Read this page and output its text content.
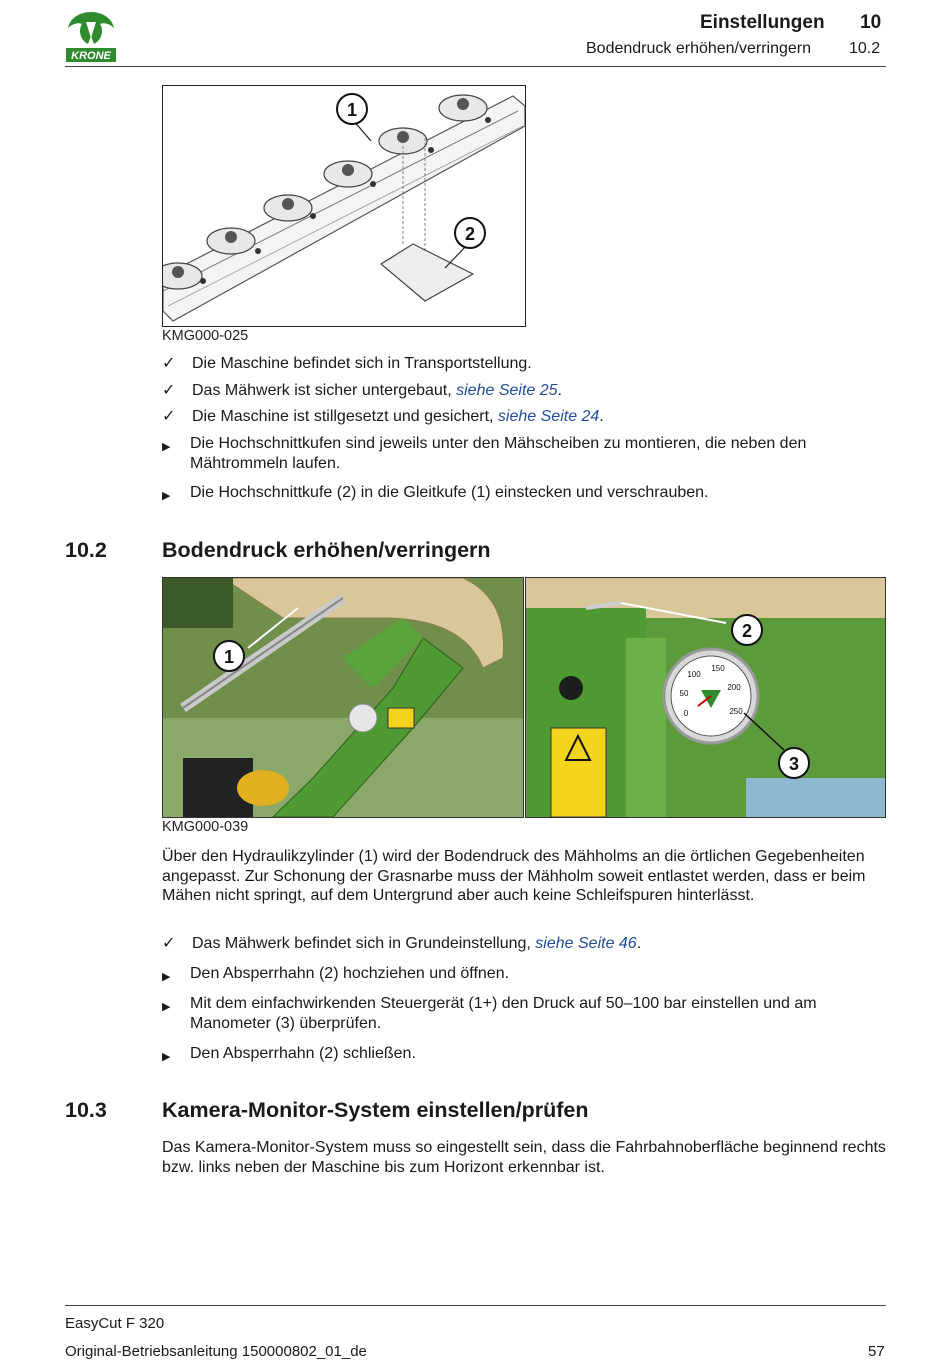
KRONE
Einstellungen 10
Bodendruck erhöhen/verringern 10.2
1
2
KMG000-025
✓	Die Maschine befindet sich in Transportstellung.
✓	Das Mähwerk ist sicher untergebaut, siehe Seite 25.
✓	Die Maschine ist stillgesetzt und gesichert, siehe Seite 24.
▶	Die Hochschnittkufen sind jeweils unter den Mähscheiben zu montieren, die neben den Mähtrommeln laufen.
▶	Die Hochschnittkufe (2) in die Gleitkufe (1) einstecken und verschrauben.
10.2	Bodendruck erhöhen/verringern
1
0
50
100
150
200
250
2
3
KMG000-039
Über den Hydraulikzylinder (1) wird der Bodendruck des Mähholms an die örtlichen Gegebenheiten angepasst. Zur Schonung der Grasnarbe muss der Mähholm soweit entlastet werden, dass er beim Mähen nicht springt, auf dem Untergrund aber auch keine Schleifspuren hinterlässt.
✓	Das Mähwerk befindet sich in Grundeinstellung, siehe Seite 46.
▶	Den Absperrhahn (2) hochziehen und öffnen.
▶	Mit dem einfachwirkenden Steuergerät (1+) den Druck auf 50–100 bar einstellen und am Manometer (3) überprüfen.
▶	Den Absperrhahn (2) schließen.
10.3	Kamera-Monitor-System einstellen/prüfen
Das Kamera-Monitor-System muss so eingestellt sein, dass die Fahrbahnoberfläche beginnend rechts bzw. links neben der Maschine bis zum Horizont erkennbar ist.
EasyCut F 320
Original-Betriebsanleitung 150000802_01_de	57
